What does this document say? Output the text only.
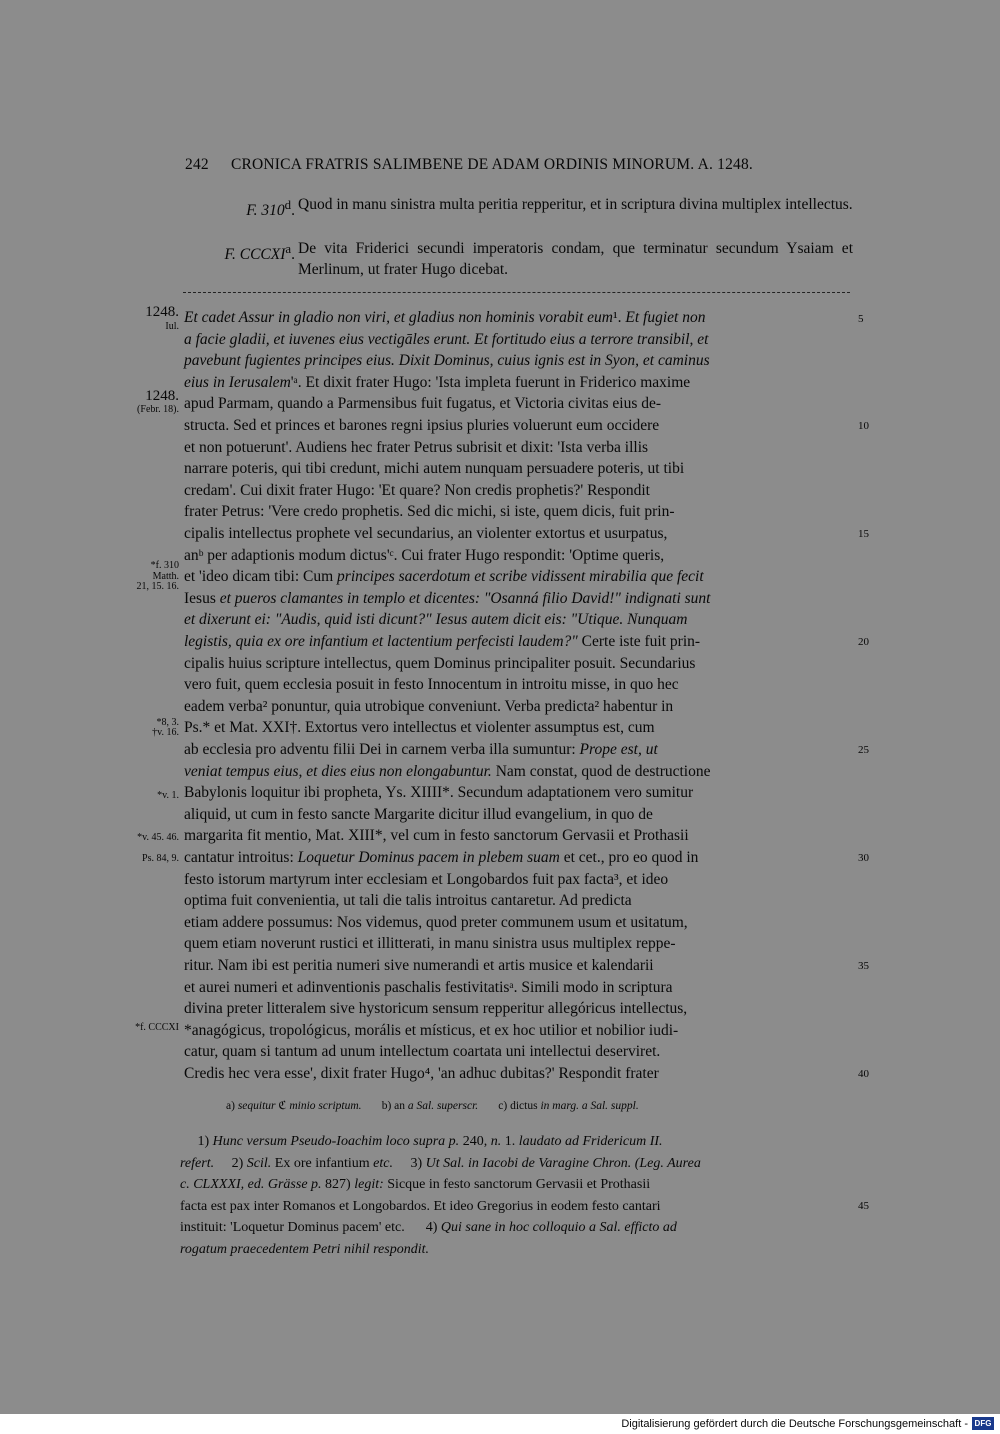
242 CRONICA FRATRIS SALIMBENE DE ADAM ORDINIS MINORUM. A. 1248.
F. 310$^d$. Quod in manu sinistra multa peritia repperitur, et in scriptura divina multiplex intellectus.
F. CCCXI$^a$. De vita Friderici secundi imperatoris condam, que terminatur secundum Ysaiam et Merlinum, ut frater Hugo dicebat.
1248.
Iul.
1248.
(Febr. 18).
*f. 310
Matth.
21, 15. 16.
*8, 3.
†v. 16.
*v. 1.
*v. 45. 46.
Ps. 84, 9.
*f. CCCXI
Et cadet Assur in gladio non viri, et gladius non hominis vorabit eum¹. Et fugiet non
a facie gladii, et iuvenes eius vectigāles erunt. Et fortitudo eius a terrore transibil, et
pavebunt fugientes principes eius. Dixit Dominus, cuius ignis est in Syon, et caminus
eius in Ierusalem'ᵃ. Et dixit frater Hugo: 'Ista impleta fuerunt in Friderico maxime
apud Parmam, quando a Parmensibus fuit fugatus, et Victoria civitas eius de-
structa. Sed et princes et barones regni ipsius pluries voluerunt eum occidere
et non potuerunt'. Audiens hec frater Petrus subrisit et dixit: 'Ista verba illis
narrare poteris, qui tibi credunt, michi autem nunquam persuadere poteris, ut tibi
credam'. Cui dixit frater Hugo: 'Et quare? Non credis prophetis?' Respondit
frater Petrus: 'Vere credo prophetis. Sed dic michi, si iste, quem dicis, fuit prin-
cipalis intellectus prophete vel secundarius, an violenter extortus et usurpatus,
anᵇ per adaptionis modum dictus'ᶜ. Cui frater Hugo respondit: 'Optime queris,
et 'ideo dicam tibi: Cum principes sacerdotum et scribe vidissent mirabilia que fecit
Iesus et pueros clamantes in templo et dicentes: "Osanná filio David!" indignati sunt
et dixerunt ei: "Audis, quid isti dicunt?" Iesus autem dicit eis: "Utique. Nunquam
legistis, quia ex ore infantium et lactentium perfecisti laudem?" Certe iste fuit prin-
cipalis huius scripture intellectus, quem Dominus principaliter posuit. Secundarius
vero fuit, quem ecclesia posuit in festo Innocentum in introitu misse, in quo hec
eadem verba² ponuntur, quia utrobique conveniunt. Verba predicta² habentur in
Ps.* et Mat. XXI†. Extortus vero intellectus et violenter assumptus est, cum
ab ecclesia pro adventu filii Dei in carnem verba illa sumuntur: Prope est, ut
veniat tempus eius, et dies eius non elongabuntur. Nam constat, quod de destructione
Babylonis loquitur ibi propheta, Ys. XIIII*. Secundum adaptationem vero sumitur
aliquid, ut cum in festo sancte Margarite dicitur illud evangelium, in quo de
margarita fit mentio, Mat. XIII*, vel cum in festo sanctorum Gervasii et Prothasii
cantatur introitus: Loquetur Dominus pacem in plebem suam et cet., pro eo quod in
festo istorum martyrum inter ecclesiam et Longobardos fuit pax facta³, et ideo
optima fuit convenientia, ut tali die talis introitus cantaretur. Ad predicta
etiam addere possumus: Nos videmus, quod preter communem usum et usitatum,
quem etiam noverunt rustici et illitterati, in manu sinistra usus multiplex reppe-
ritur. Nam ibi est peritia numeri sive numerandi et artis musice et kalendarii
et aurei numeri et adinventionis paschalis festivitatisᵃ. Simili modo in scriptura
divina preter litteralem sive hystoricum sensum repperitur allegóricus intellectus,
*anagógicus, tropológicus, morális et místicus, et ex hoc utilior et nobilior iudi-
catur, quam si tantum ad unum intellectum coartata uni intellectui deserviret.
Credis hec vera esse', dixit frater Hugo⁴, 'an adhuc dubitas?' Respondit frater
5
10
15
20
25
30
35
40
45
a) sequitur ℭ minio scriptum.       b) an a Sal. superscr.       c) dictus in marg. a Sal. suppl.
1) Hunc versum Pseudo-Ioachim loco supra p. 240, n. 1. laudato ad Fridericum II.
refert.     2) Scil. Ex ore infantium etc.     3) Ut Sal. in Iacobi de Varagine Chron. (Leg. Aurea
c. CLXXXI, ed. Grässe p. 827) legit: Sicque in festo sanctorum Gervasii et Prothasii
facta est pax inter Romanos et Longobardos. Et ideo Gregorius in eodem festo cantari
instituit: 'Loquetur Dominus pacem' etc.      4) Qui sane in hoc colloquio a Sal. efficto ad
rogatum praecedentem Petri nihil respondit.
Digitalisierung gefördert durch die Deutsche Forschungsgemeinschaft - DFG
